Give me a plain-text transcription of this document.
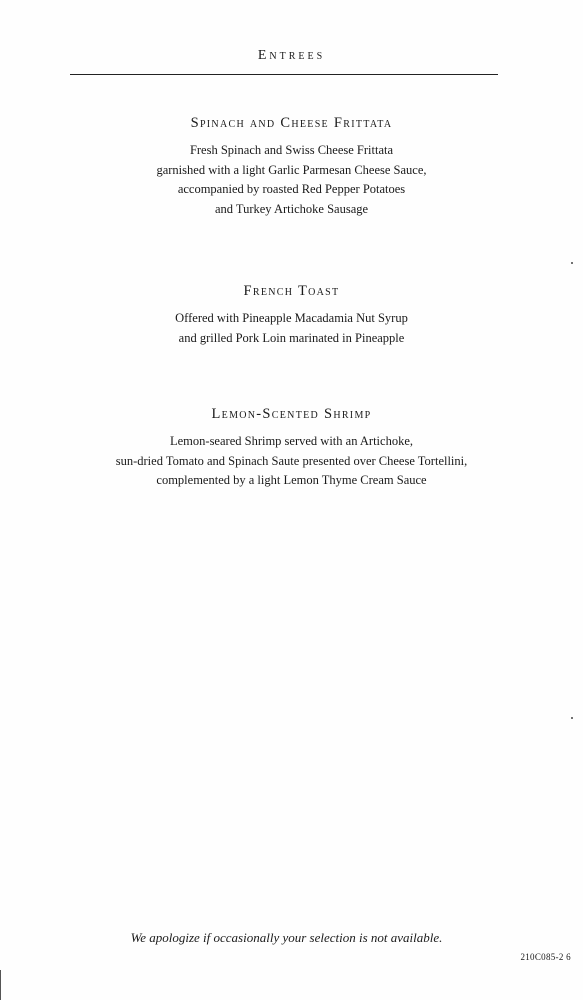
Entrees
Spinach and Cheese Frittata
Fresh Spinach and Swiss Cheese Frittata
garnished with a light Garlic Parmesan Cheese Sauce,
accompanied by roasted Red Pepper Potatoes
and Turkey Artichoke Sausage
French Toast
Offered with Pineapple Macadamia Nut Syrup
and grilled Pork Loin marinated in Pineapple
Lemon-Scented Shrimp
Lemon-seared Shrimp served with an Artichoke,
sun-dried Tomato and Spinach Saute presented over Cheese Tortellini,
complemented by a light Lemon Thyme Cream Sauce
We apologize if occasionally your selection is not available.
210C085-2 6
